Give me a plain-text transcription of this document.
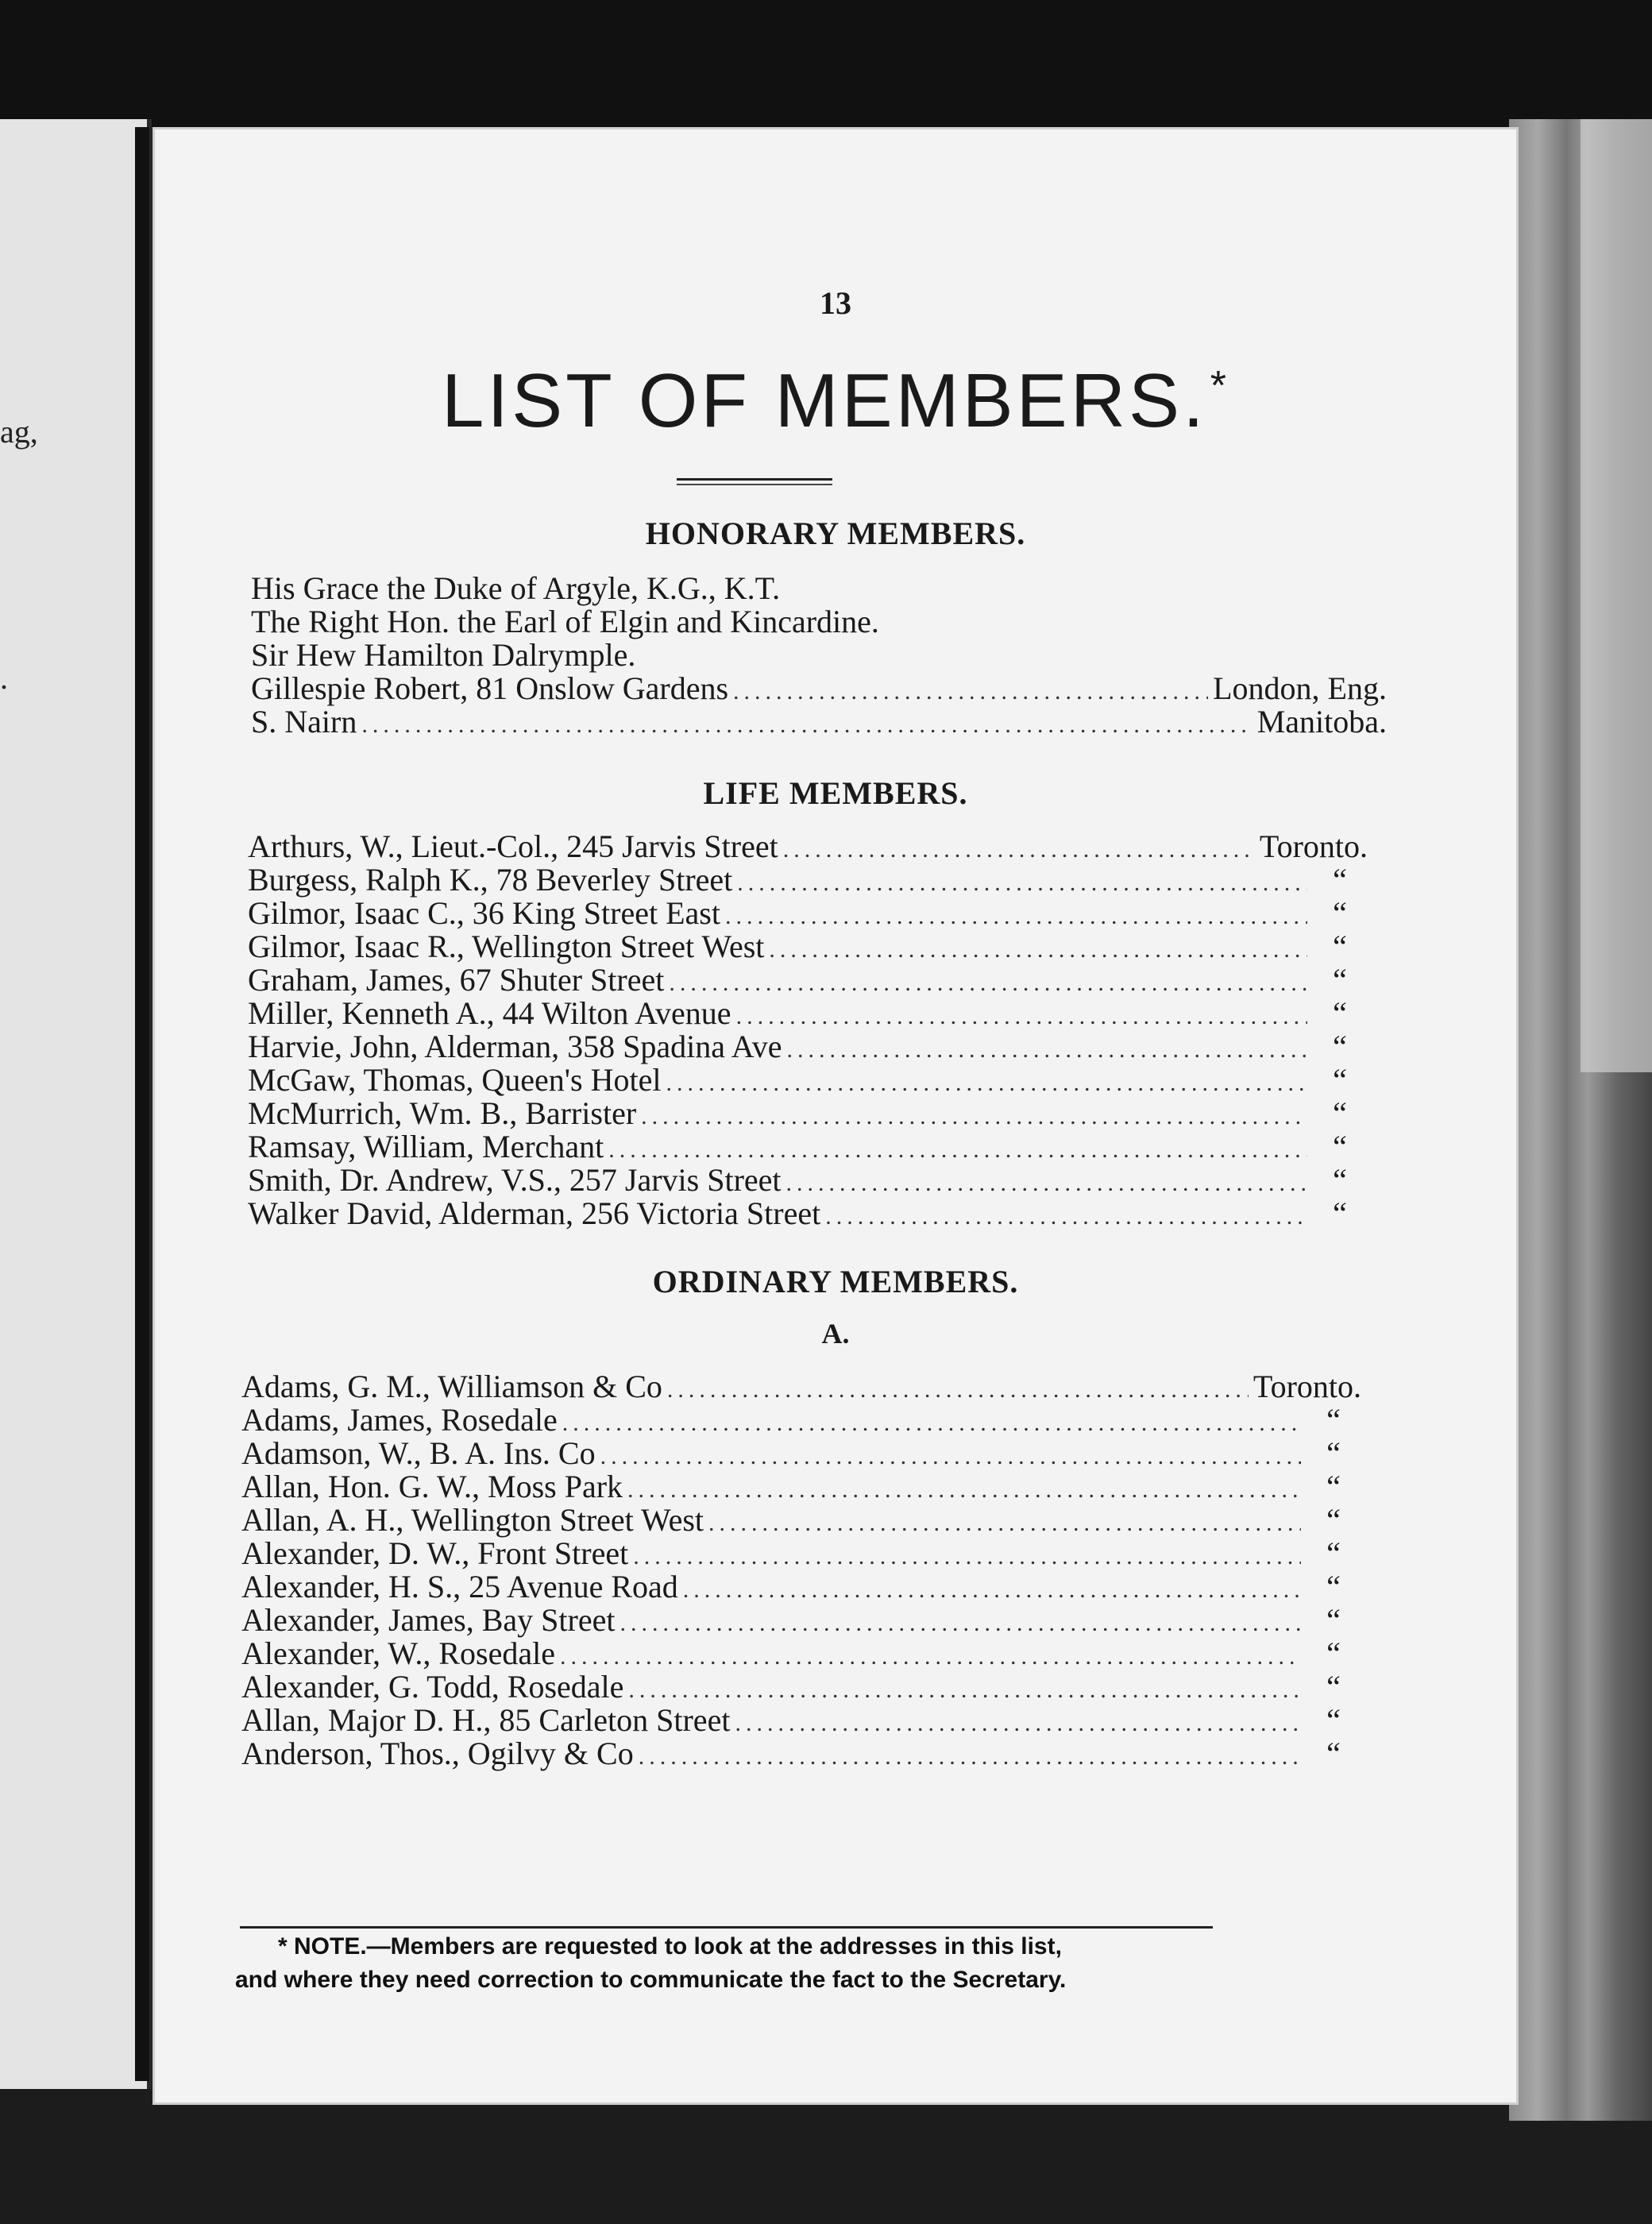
ag,
.
13
LIST OF MEMBERS.*
HONORARY MEMBERS.
His Grace the Duke of Argyle, K.G., K.T.
The Right Hon. the Earl of Elgin and Kincardine.
Sir Hew Hamilton Dalrymple.
Gillespie Robert, 81 Onslow Gardens .....	London, Eng.
S. Nairn .....	Manitoba.
LIFE MEMBERS.
Arthurs, W., Lieut.-Col., 245 Jarvis Street .....	Toronto.
Burgess, Ralph K., 78 Beverley Street .....	“
Gilmor, Isaac C., 36 King Street East .....	“
Gilmor, Isaac R., Wellington Street West .....	“
Graham, James, 67 Shuter Street .....	“
Miller, Kenneth A., 44 Wilton Avenue .....	“
Harvie, John, Alderman, 358 Spadina Ave .....	“
McGaw, Thomas, Queen's Hotel .....	“
McMurrich, Wm. B., Barrister .....	“
Ramsay, William, Merchant .....	“
Smith, Dr. Andrew, V.S., 257 Jarvis Street .....	“
Walker David, Alderman, 256 Victoria Street .....	“
ORDINARY MEMBERS.
A.
Adams, G. M., Williamson & Co .....	Toronto.
Adams, James, Rosedale .....	“
Adamson, W., B. A. Ins. Co .....	“
Allan, Hon. G. W., Moss Park .....	“
Allan, A. H., Wellington Street West .....	“
Alexander, D. W., Front Street .....	“
Alexander, H. S., 25 Avenue Road .....	“
Alexander, James, Bay Street .....	“
Alexander, W., Rosedale .....	“
Alexander, G. Todd, Rosedale .....	“
Allan, Major D. H., 85 Carleton Street .....	“
Anderson, Thos., Ogilvy & Co .....	“
* NOTE.—Members are requested to look at the addresses in this list,
and where they need correction to communicate the fact to the Secretary.
